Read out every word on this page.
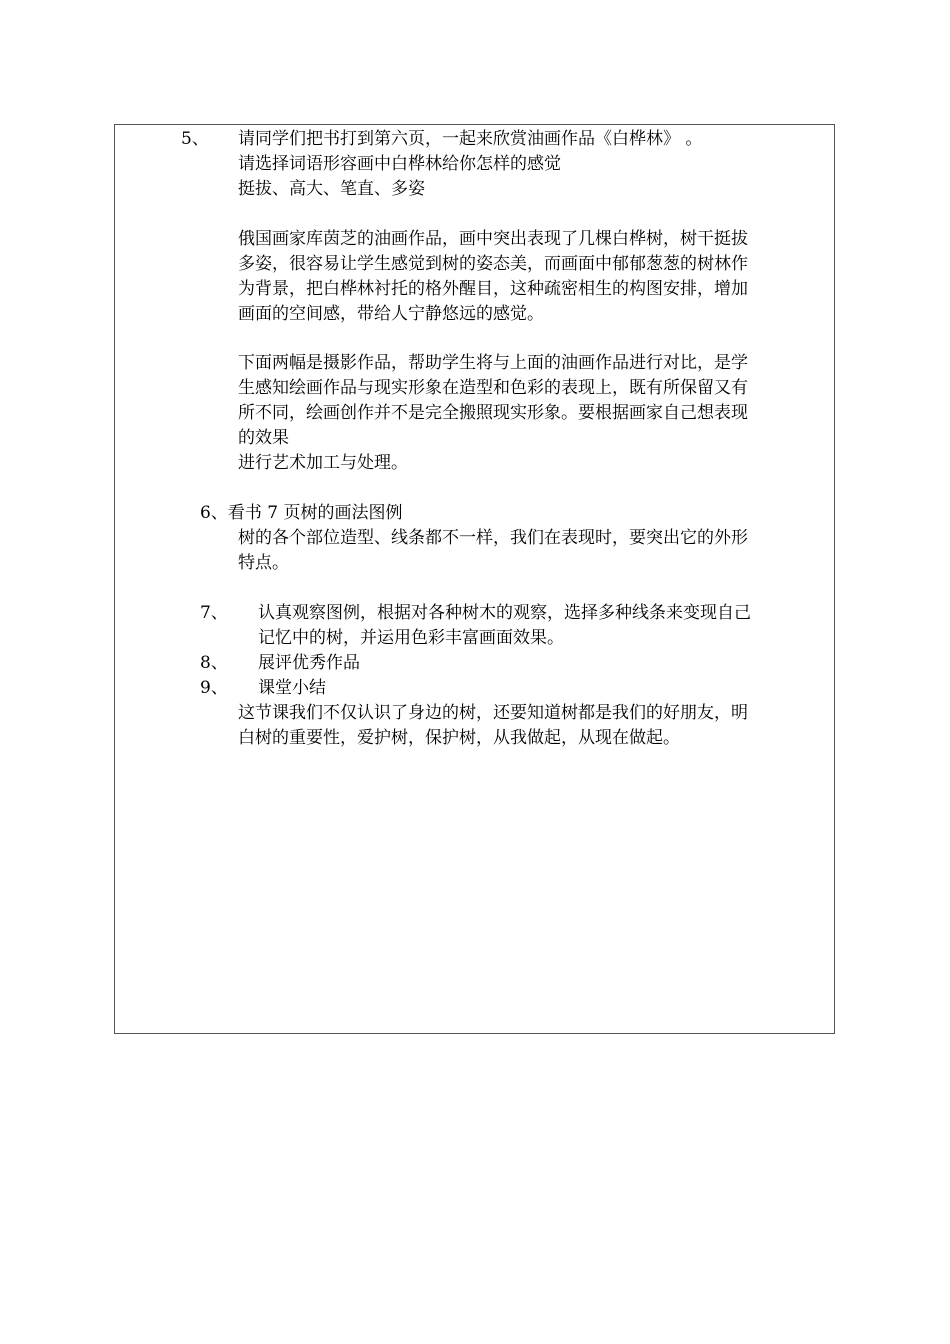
5、 请同学们把书打到第六页，一起来欣赏油画作品《白桦林》 。
请选择词语形容画中白桦林给你怎样的感觉
挺拔、高大、笔直、多姿
俄国画家库茵芝的油画作品，画中突出表现了几棵白桦树，树干挺拔
多姿，很容易让学生感觉到树的姿态美，而画面中郁郁葱葱的树林作
为背景，把白桦林衬托的格外醒目，这种疏密相生的构图安排，增加
画面的空间感，带给人宁静悠远的感觉。
下面两幅是摄影作品，帮助学生将与上面的油画作品进行对比，是学
生感知绘画作品与现实形象在造型和色彩的表现上，既有所保留又有
所不同，绘画创作并不是完全搬照现实形象。要根据画家自己想表现
的效果
进行艺术加工与处理。
6、看书 7 页树的画法图例
树的各个部位造型、线条都不一样，我们在表现时，要突出它的外形
特点。
7、 认真观察图例，根据对各种树木的观察，选择多种线条来变现自己
记忆中的树，并运用色彩丰富画面效果。
8、 展评优秀作品
9、 课堂小结
这节课我们不仅认识了身边的树，还要知道树都是我们的好朋友，明
白树的重要性，爱护树，保护树，从我做起，从现在做起。
